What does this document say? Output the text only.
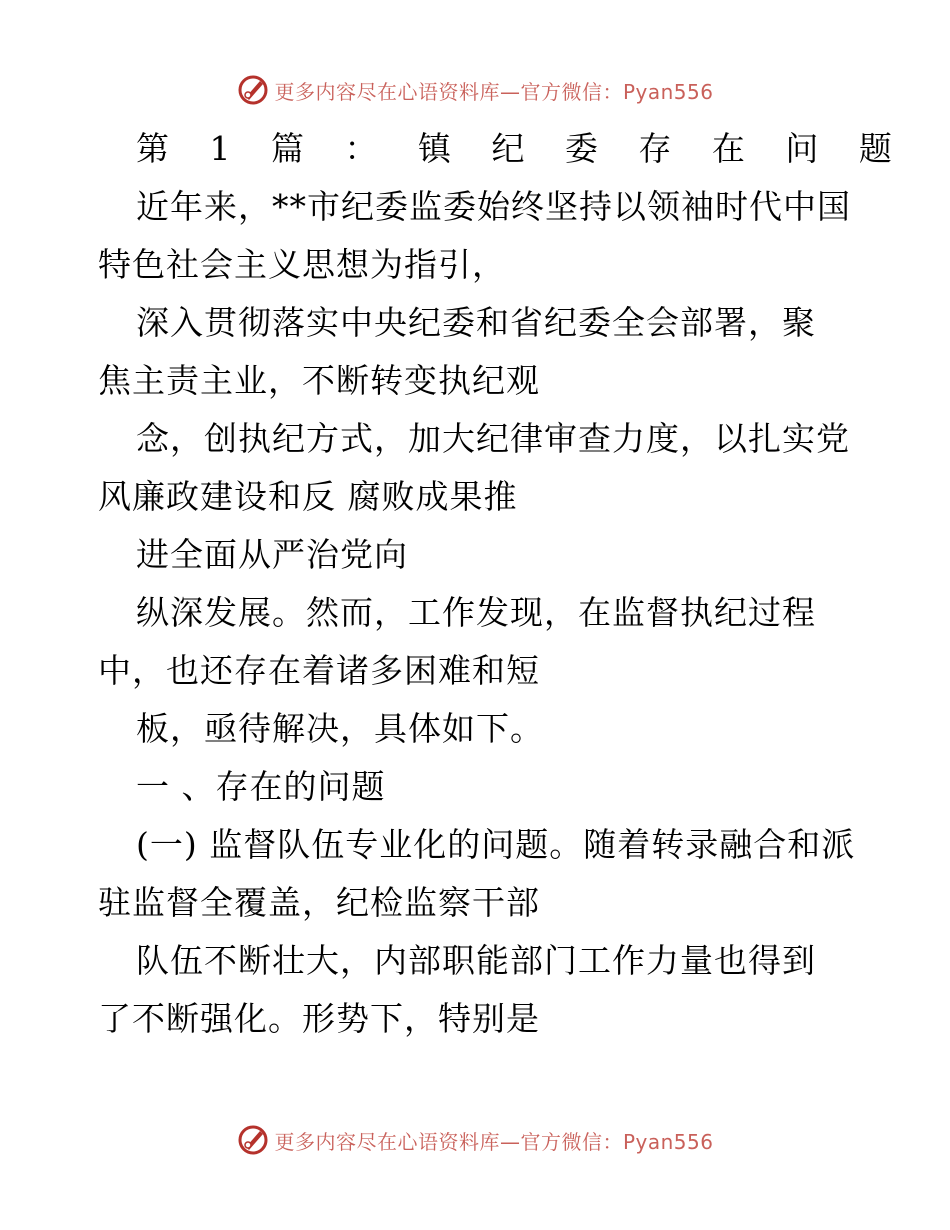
更多内容尽在心语资料库—官方微信：Pyan556
第 1 篇 ： 镇 纪 委 存 在 问 题
近年来，**市纪委监委始终坚持以领袖时代中国
特色社会主义思想为指引，
深入贯彻落实中央纪委和省纪委全会部署，聚
焦主责主业，不断转变执纪观
念，创执纪方式，加大纪律审查力度，以扎实党
风廉政建设和反 腐败成果推
进全面从严治党向
纵深发展。然而，工作发现，在监督执纪过程
中，也还存在着诸多困难和短
板，亟待解决，具体如下。
一 、存在的问题
(一) 监督队伍专业化的问题。随着转录融合和派
驻监督全覆盖，纪检监察干部
队伍不断壮大，内部职能部门工作力量也得到
了不断强化。形势下，特别是
更多内容尽在心语资料库—官方微信：Pyan556
